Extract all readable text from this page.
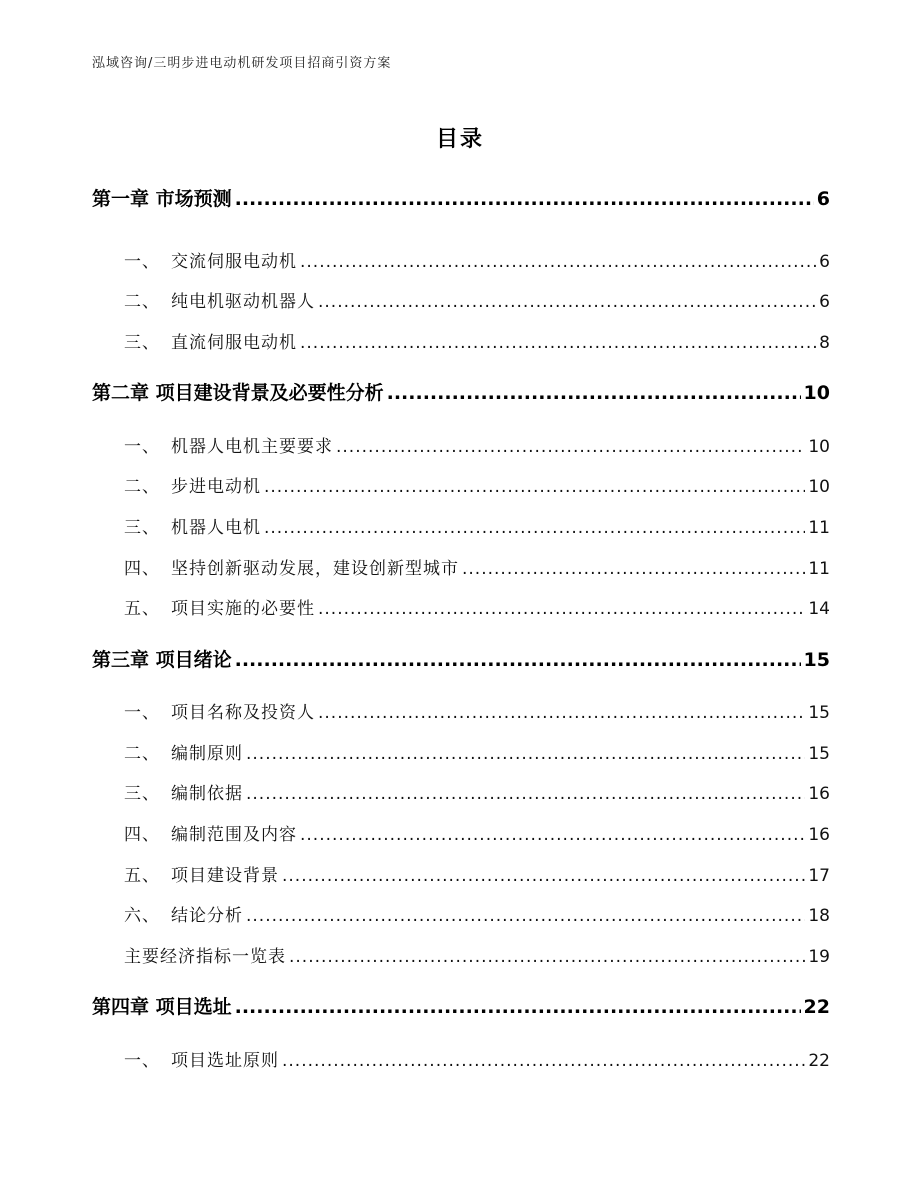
泓域咨询/三明步进电动机研发项目招商引资方案
目录
第一章 市场预测 .....	6
一、 交流伺服电动机 .....	6
二、 纯电机驱动机器人 .....	6
三、 直流伺服电动机 .....	8
第二章 项目建设背景及必要性分析 .....	10
一、 机器人电机主要要求 .....	10
二、 步进电动机 .....	10
三、 机器人电机 .....	11
四、 坚持创新驱动发展，建设创新型城市 .....	11
五、 项目实施的必要性 .....	14
第三章 项目绪论 .....	15
一、 项目名称及投资人 .....	15
二、 编制原则 .....	15
三、 编制依据 .....	16
四、 编制范围及内容 .....	16
五、 项目建设背景 .....	17
六、 结论分析 .....	18
主要经济指标一览表 .....	19
第四章 项目选址 .....	22
一、 项目选址原则 .....	22
